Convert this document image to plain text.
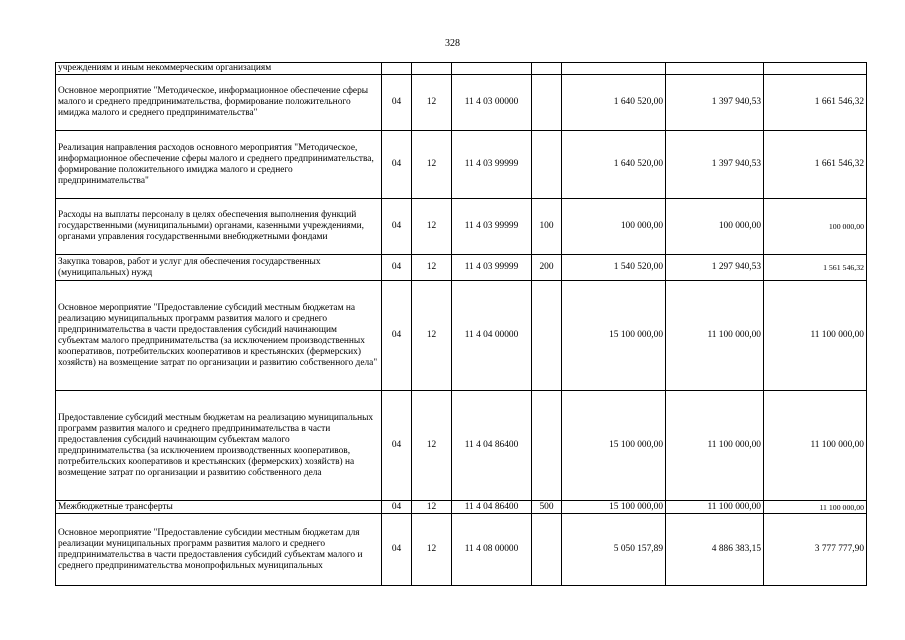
328
учреждениям и иным некоммерческим организациям							
Основное мероприятие "Методическое, информационное обеспечение сферы малого и среднего предпринимательства, формирование положительного имиджа малого и среднего предпринимательства"	04	12	11 4 03 00000		1 640 520,00	1 397 940,53	1 661 546,32
Реализация направления расходов основного мероприятия "Методическое, информационное обеспечение сферы малого и среднего предпринимательства, формирование положительного имиджа малого и среднего предпринимательства"	04	12	11 4 03 99999		1 640 520,00	1 397 940,53	1 661 546,32
Расходы на выплаты персоналу в целях обеспечения выполнения функций государственными (муниципальными) органами, казенными учреждениями, органами управления государственными внебюджетными фондами	04	12	11 4 03 99999	100	100 000,00	100 000,00	100 000,00
Закупка товаров, работ и услуг для обеспечения государственных (муниципальных) нужд	04	12	11 4 03 99999	200	1 540 520,00	1 297 940,53	1 561 546,32
Основное мероприятие "Предоставление субсидий местным бюджетам на реализацию муниципальных программ развития малого и среднего предпринимательства в части предоставления субсидий начинающим субъектам малого предпринимательства (за исключением производственных кооперативов, потребительских кооперативов и крестьянских (фермерских) хозяйств) на возмещение затрат по организации и развитию собственного дела"	04	12	11 4 04 00000		15 100 000,00	11 100 000,00	11 100 000,00
Предоставление субсидий местным бюджетам на реализацию муниципальных программ развития малого и среднего предпринимательства в части предоставления субсидий начинающим субъектам малого предпринимательства (за исключением производственных кооперативов, потребительских кооперативов и крестьянских (фермерских) хозяйств) на возмещение затрат по организации и развитию собственного дела	04	12	11 4 04 86400		15 100 000,00	11 100 000,00	11 100 000,00
Межбюджетные трансферты	04	12	11 4 04 86400	500	15 100 000,00	11 100 000,00	11 100 000,00
Основное мероприятие "Предоставление субсидии местным бюджетам для реализации муниципальных программ развития малого и среднего предпринимательства в части предоставления субсидий субъектам малого и среднего предпринимательства монопрофильных муниципальных	04	12	11 4 08 00000		5 050 157,89	4 886 383,15	3 777 777,90
